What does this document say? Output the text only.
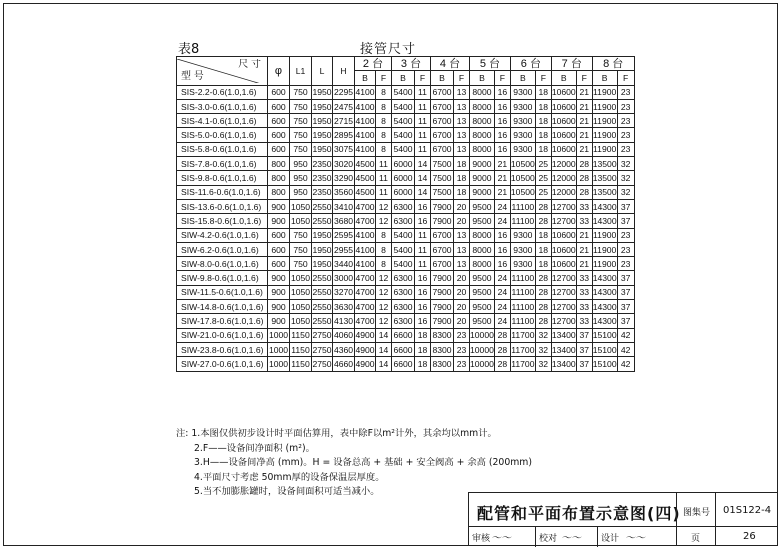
表8	接管尺寸
尺 寸
型 号	φ	L1	L	H	2 台		3 台		4 台		5 台		6 台		7 台		8 台	
					B	F	B	F	B	F	B	F	B	F	B	F	B	F
SIS-2.2-0.6(1.0,1.6)	600	750	1950	2295	4100	8	5400	11	6700	13	8000	16	9300	18	10600	21	11900	23
SIS-3.0-0.6(1.0,1.6)	600	750	1950	2475	4100	8	5400	11	6700	13	8000	16	9300	18	10600	21	11900	23
SIS-4.1-0.6(1.0,1.6)	600	750	1950	2715	4100	8	5400	11	6700	13	8000	16	9300	18	10600	21	11900	23
SIS-5.0-0.6(1.0,1.6)	600	750	1950	2895	4100	8	5400	11	6700	13	8000	16	9300	18	10600	21	11900	23
SIS-5.8-0.6(1.0,1.6)	600	750	1950	3075	4100	8	5400	11	6700	13	8000	16	9300	18	10600	21	11900	23
SIS-7.8-0.6(1.0,1.6)	800	950	2350	3020	4500	11	6000	14	7500	18	9000	21	10500	25	12000	28	13500	32
SIS-9.8-0.6(1.0,1.6)	800	950	2350	3290	4500	11	6000	14	7500	18	9000	21	10500	25	12000	28	13500	32
SIS-11.6-0.6(1.0,1.6)	800	950	2350	3560	4500	11	6000	14	7500	18	9000	21	10500	25	12000	28	13500	32
SIS-13.6-0.6(1.0,1.6)	900	1050	2550	3410	4700	12	6300	16	7900	20	9500	24	11100	28	12700	33	14300	37
SIS-15.8-0.6(1.0,1.6)	900	1050	2550	3680	4700	12	6300	16	7900	20	9500	24	11100	28	12700	33	14300	37
SIW-4.2-0.6(1.0,1.6)	600	750	1950	2595	4100	8	5400	11	6700	13	8000	16	9300	18	10600	21	11900	23
SIW-6.2-0.6(1.0,1.6)	600	750	1950	2955	4100	8	5400	11	6700	13	8000	16	9300	18	10600	21	11900	23
SIW-8.0-0.6(1.0,1.6)	600	750	1950	3440	4100	8	5400	11	6700	13	8000	16	9300	18	10600	21	11900	23
SIW-9.8-0.6(1.0,1.6)	900	1050	2550	3000	4700	12	6300	16	7900	20	9500	24	11100	28	12700	33	14300	37
SIW-11.5-0.6(1.0,1.6)	900	1050	2550	3270	4700	12	6300	16	7900	20	9500	24	11100	28	12700	33	14300	37
SIW-14.8-0.6(1.0,1.6)	900	1050	2550	3630	4700	12	6300	16	7900	20	9500	24	11100	28	12700	33	14300	37
SIW-17.8-0.6(1.0,1.6)	900	1050	2550	4130	4700	12	6300	16	7900	20	9500	24	11100	28	12700	33	14300	37
SIW-21.0-0.6(1.0,1.6)	1000	1150	2750	4060	4900	14	6600	18	8300	23	10000	28	11700	32	13400	37	15100	42
SIW-23.8-0.6(1.0,1.6)	1000	1150	2750	4360	4900	14	6600	18	8300	23	10000	28	11700	32	13400	37	15100	42
SIW-27.0-0.6(1.0,1.6)	1000	1150	2750	4660	4900	14	6600	18	8300	23	10000	28	11700	32	13400	37	15100	42
注: 1.本图仅供初步设计时平面估算用，表中除F以m²计外，其余均以mm计。
2.F——设备间净面积 (m²)。
3.H——设备间净高 (mm)。H = 设备总高 + 基础 + 安全阀高 + 余高 (200mm)
4.平面尺寸考虑 50mm厚的设备保温层厚度。
5.当不加膨胀罐时，设备间面积可适当减小。
配管和平面布置示意图(四) 图集号 01S122-4
审核 ～～	校对 ～～ 设计 ～～	页	26
